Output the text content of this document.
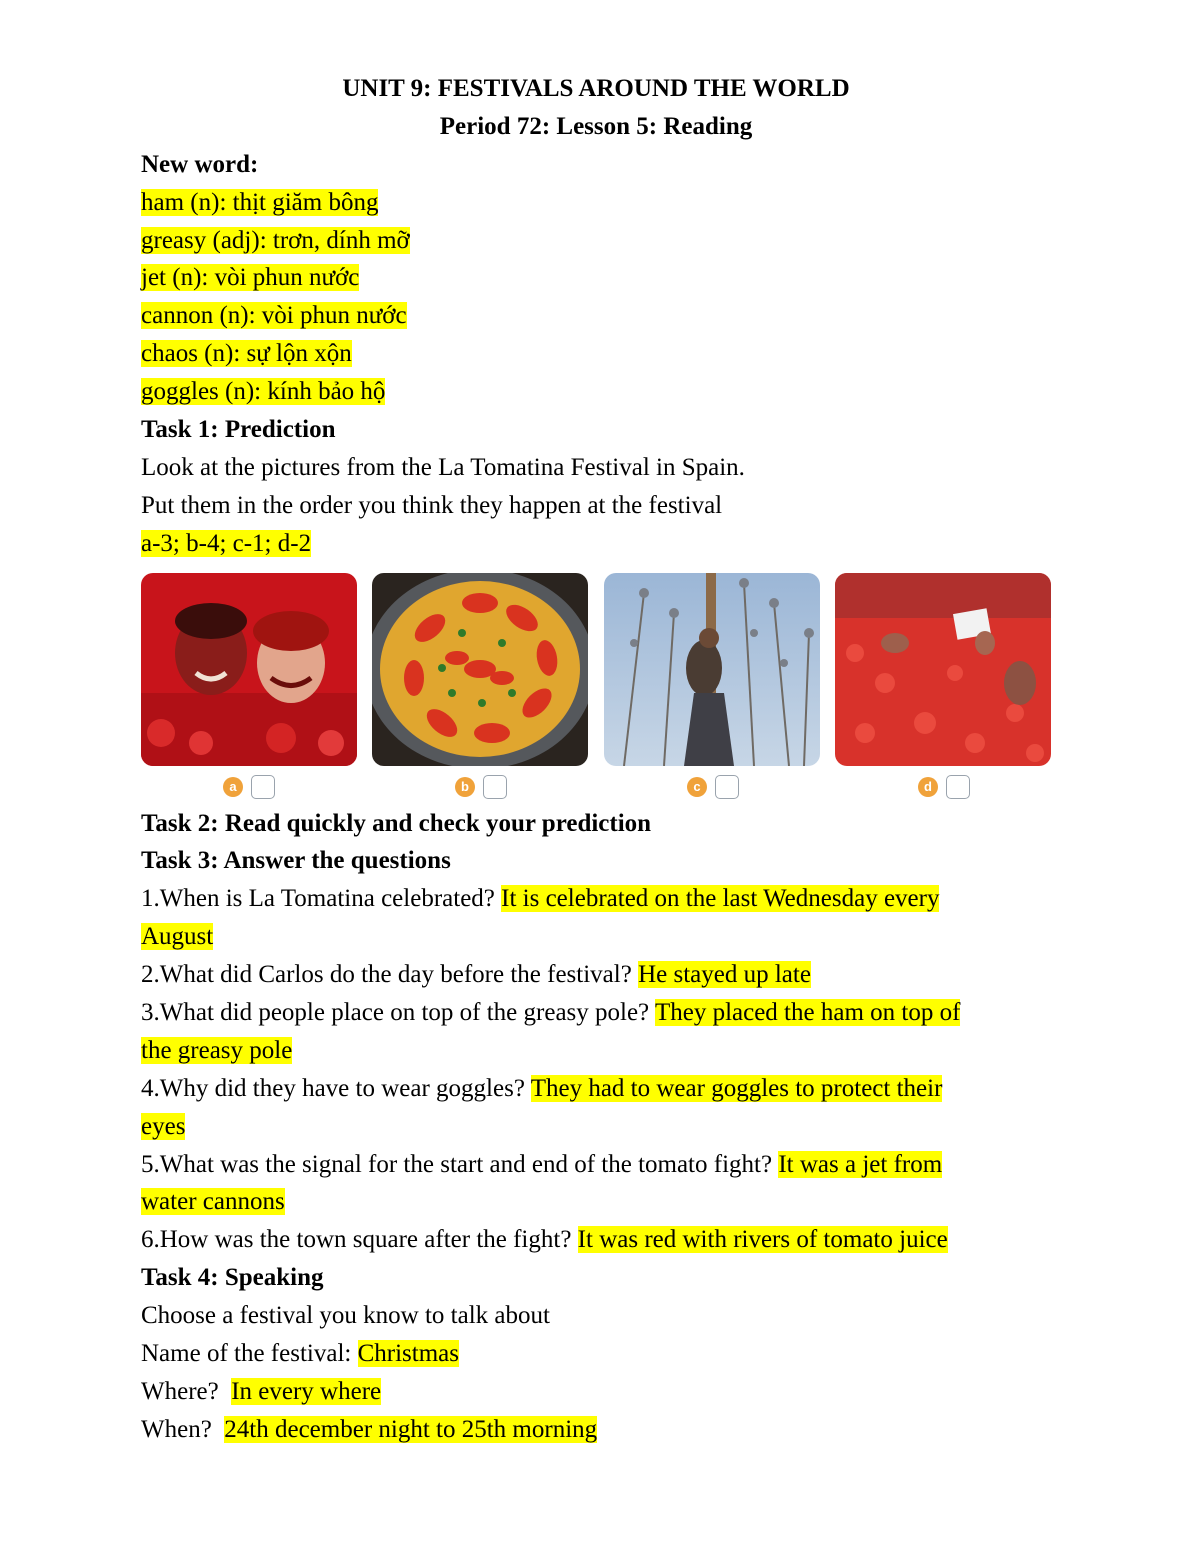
UNIT 9: FESTIVALS AROUND THE WORLD
Period 72: Lesson 5: Reading
New word:
ham (n): thịt giăm bông
greasy (adj): trơn, dính mỡ
jet (n): vòi phun nước
cannon (n): vòi phun nước
chaos (n): sự lộn xộn
goggles (n): kính bảo hộ
Task 1: Prediction
Look at the pictures from the La Tomatina Festival in Spain.
Put them in the order you think they happen at the festival
a-3; b-4; c-1; d-2
a	b	c	d
Task 2: Read quickly and check your prediction
Task 3: Answer the questions
1.When is La Tomatina celebrated? It is celebrated on the last Wednesday every
August
2.What did Carlos do the day before the festival? He stayed up late
3.What did people place on top of the greasy pole? They placed the ham on top of
the greasy pole
4.Why did they have to wear goggles? They had to wear goggles to protect their
eyes
5.What was the signal for the start and end of the tomato fight? It was a jet from
water cannons
6.How was the town square after the fight? It was red with rivers of tomato juice
Task 4: Speaking
Choose a festival you know to talk about
Name of the festival: Christmas
Where?  In every where
When?  24th december night to 25th morning
